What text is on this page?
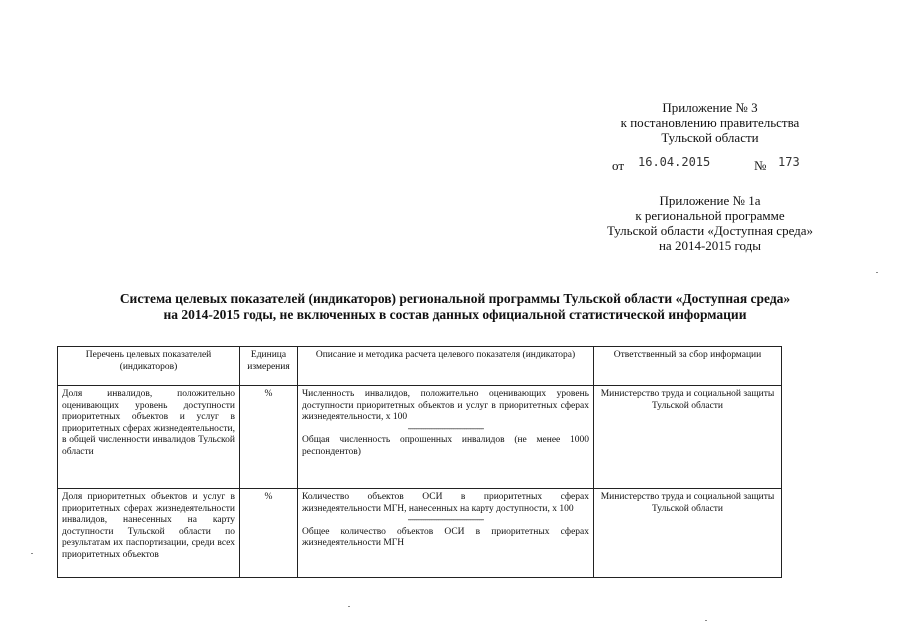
Приложение № 3
к постановлению правительства
Тульской области
от 16.04.2015	№ 173
Приложение № 1а
к региональной программе
Тульской области «Доступная среда»
на 2014-2015 годы
Система целевых показателей (индикаторов) региональной программы Тульской области «Доступная среда»
на 2014-2015 годы, не включенных в состав данных официальной статистической информации
Перечень целевых показателей (индикаторов)	Единица измерения	Описание и методика расчета целевого показателя (индикатора)	Ответственный за сбор информации
Доля инвалидов, положительно оценивающих уровень доступности приоритетных объектов и услуг в приоритетных сферах жизнедеятельности, в общей численности инвалидов Тульской области	%	Численность инвалидов, положительно оценивающих уровень доступности приоритетных объектов и услуг в приоритетных сферах жизнедеятельности, х 100
-----------------------------------
Общая численность опрошенных инвалидов (не менее 1000 респондентов)	Министерство труда и социальной защиты Тульской области
Доля приоритетных объектов и услуг в приоритетных сферах жизнедеятельности инвалидов, нанесенных на карту доступности Тульской области по результатам их паспортизации, среди всех приоритетных объектов	%	Количество объектов ОСИ в приоритетных сферах жизнедеятельности МГН, нанесенных на карту доступности, х 100
-----------------------------------
Общее количество объектов ОСИ в приоритетных сферах жизнедеятельности МГН	Министерство труда и социальной защиты Тульской области
